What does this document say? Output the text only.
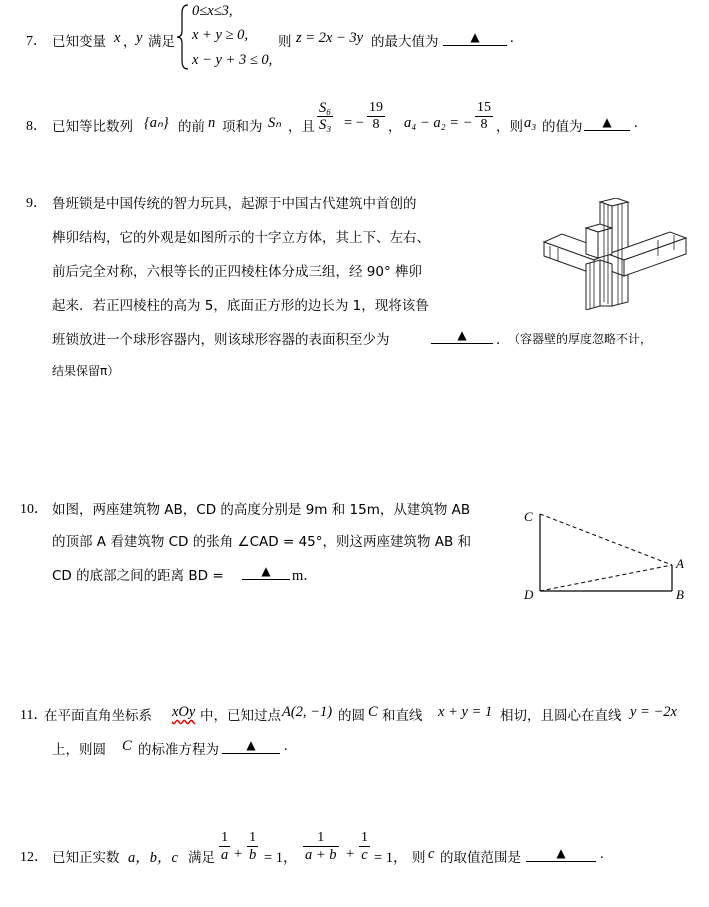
7． 已知变量 x ， y 满足
0≤x≤3,
x + y ≥ 0,
x − y + 3 ≤ 0,
则 z = 2x − 3y 的最大值为	▲	.
8． 已知等比数列 {aₙ} 的前 n 项和为 Sₙ ，且 $\frac{\text{S₆}}{\text{S₃}}$ = − $\frac{19}{8}$ ， a₄ − a₂ = − $\frac{15}{8}$ ，则 a₃ 的值为	▲	.
9． 鲁班锁是中国传统的智力玩具，起源于中国古代建筑中首创的
榫卯结构，它的外观是如图所示的十字立方体，其上下、左右、
前后完全对称，六根等长的正四棱柱体分成三组，经 90° 榫卯
起来．若正四棱柱的高为 5，底面正方形的边长为 1，现将该鲁
班锁放进一个球形容器内，则该球形容器的表面积至少为	▲	．
（容器壁的厚度忽略不计，
结果保留π）
10． 如图，两座建筑物 AB，CD 的高度分别是 9m 和 15m，从建筑物 AB
的顶部 A 看建筑物 CD 的张角 ∠CAD = 45°，则这两座建筑物 AB 和
CD 的底部之间的距离 BD =	▲	m．
C
D
A
B
11．
在平面直角坐标系 xOy 中，已知过点 A(2, −1) 的圆 C 和直线 x + y = 1 相切，且圆心在直线 y = −2x
上，则圆 C 的标准方程为	▲	.
12． 已知正实数 a，b，c 满足 $\frac{1}{a} + \frac{1}{b} = 1$， $\frac{1}{a + b} + \frac{1}{c} = 1$， 则 c 的取值范围是	▲	.
